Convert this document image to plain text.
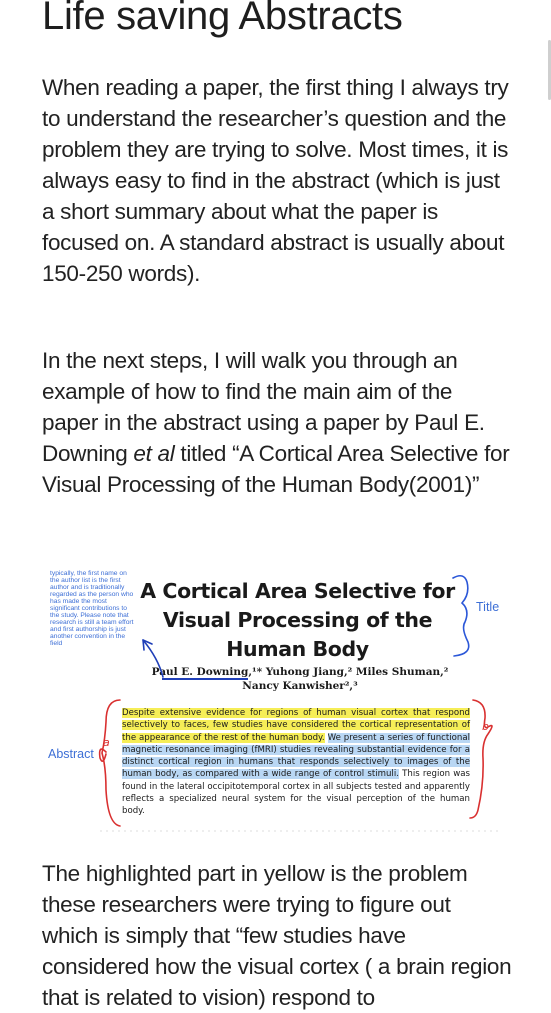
Life saving Abstracts

When reading a paper, the first thing I always try to understand the researcher’s question and the problem they are trying to solve. Most times, it is always easy to find in the abstract (which is just a short summary about what the paper is focused on. A standard abstract is usually about 150-250 words).

In the next steps, I will walk you through an example of how to find the main aim of the paper in the abstract using a paper by Paul E. Downing et al titled “A Cortical Area Selective for Visual Processing of the Human Body(2001)”

typically, the first name on the author list is the first author and is traditionally regarded as the person who has made the most significant contributions to the study. Please note that research is still a team effort and first authorship is just another convention in the field

A Cortical Area Selective for Visual Processing of the Human Body

Paul E. Downing,¹* Yuhong Jiang,² Miles Shuman,²
Nancy Kanwisher²,³
a
b

Title

Abstract

Despite extensive evidence for regions of human visual cortex that respond selectively to faces, few studies have considered the cortical representation of the appearance of the rest of the human body. We present a series of functional magnetic resonance imaging (fMRI) studies revealing substantial evidence for a distinct cortical region in humans that responds selectively to images of the human body, as compared with a wide range of control stimuli. This region was found in the lateral occipitotemporal cortex in all subjects tested and apparently reflects a specialized neural system for the visual perception of the human body.

The highlighted part in yellow is the problem these researchers were trying to figure out which is simply that “few studies have considered how the visual cortex ( a brain region that is related to vision) respond to
